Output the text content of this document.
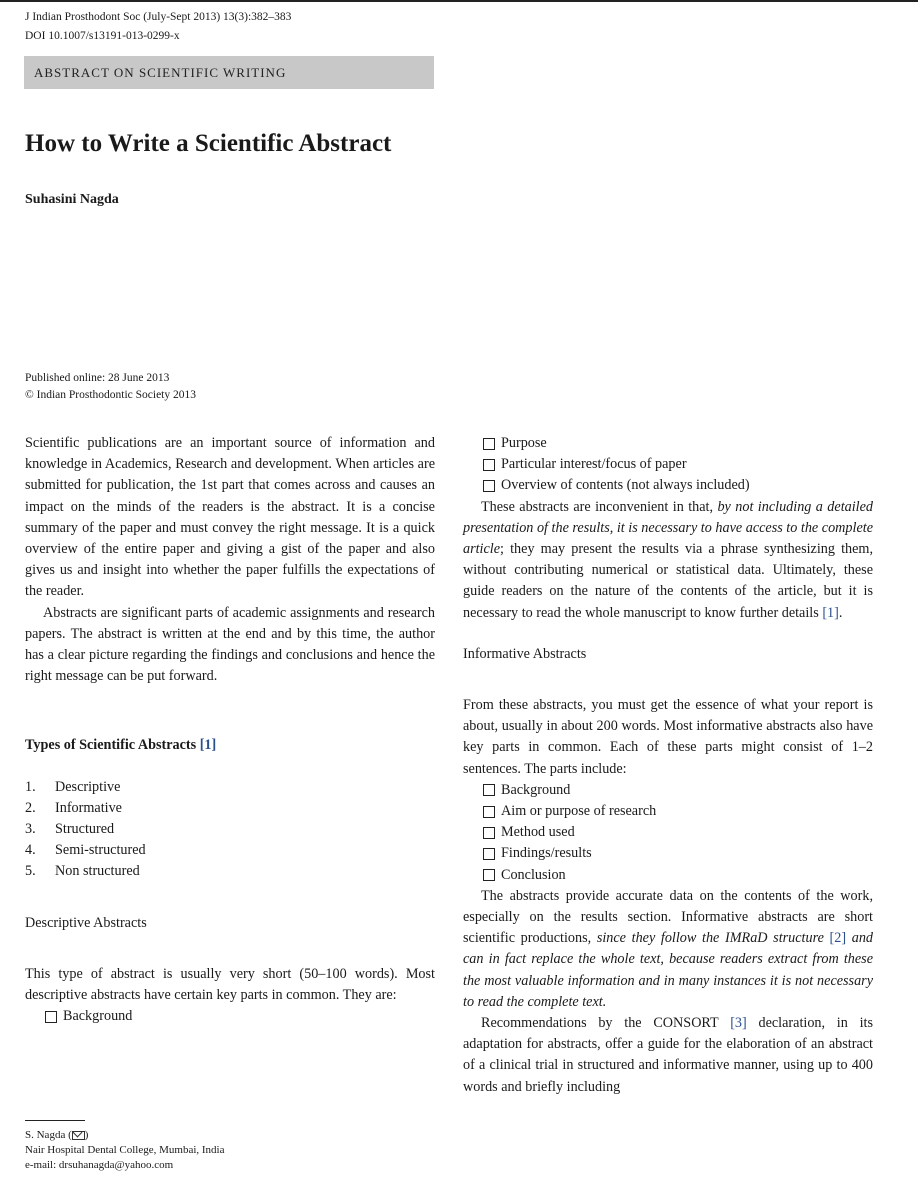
J Indian Prosthodont Soc (July-Sept 2013) 13(3):382–383
DOI 10.1007/s13191-013-0299-x
ABSTRACT ON SCIENTIFIC WRITING
How to Write a Scientific Abstract
Suhasini Nagda
Published online: 28 June 2013
© Indian Prosthodontic Society 2013

Scientific publications are an important source of information and knowledge in Academics, Research and development. When articles are submitted for publication, the 1st part that comes across and causes an impact on the minds of the readers is the abstract. It is a concise summary of the paper and must convey the right message. It is a quick overview of the entire paper and giving a gist of the paper and also gives us and insight into whether the paper fulfills the expectations of the reader.

Abstracts are significant parts of academic assignments and research papers. The abstract is written at the end and by this time, the author has a clear picture regarding the findings and conclusions and hence the right message can be put forward.

Types of Scientific Abstracts [1]
1.	Descriptive
2.	Informative
3.	Structured
4.	Semi-structured
5.	Non structured
Descriptive Abstracts

This type of abstract is usually very short (50–100 words). Most descriptive abstracts have certain key parts in common. They are:

Background
Purpose
Particular interest/focus of paper
Overview of contents (not always included)

These abstracts are inconvenient in that, by not including a detailed presentation of the results, it is necessary to have access to the complete article; they may present the results via a phrase synthesizing them, without contributing numerical or statistical data. Ultimately, these guide readers on the nature of the contents of the article, but it is necessary to read the whole manuscript to know further details [1].

Informative Abstracts

From these abstracts, you must get the essence of what your report is about, usually in about 200 words. Most informative abstracts also have key parts in common. Each of these parts might consist of 1–2 sentences. The parts include:

Background
Aim or purpose of research
Method used
Findings/results
Conclusion

The abstracts provide accurate data on the contents of the work, especially on the results section. Informative abstracts are short scientific productions, since they follow the IMRaD structure [2] and can in fact replace the whole text, because readers extract from these the most valuable information and in many instances it is not necessary to read the complete text.

Recommendations by the CONSORT [3] declaration, in its adaptation for abstracts, offer a guide for the elaboration of an abstract of a clinical trial in structured and informative manner, using up to 400 words and briefly including

S. Nagda ( )
Nair Hospital Dental College, Mumbai, India
e-mail: drsuhanagda@yahoo.com
